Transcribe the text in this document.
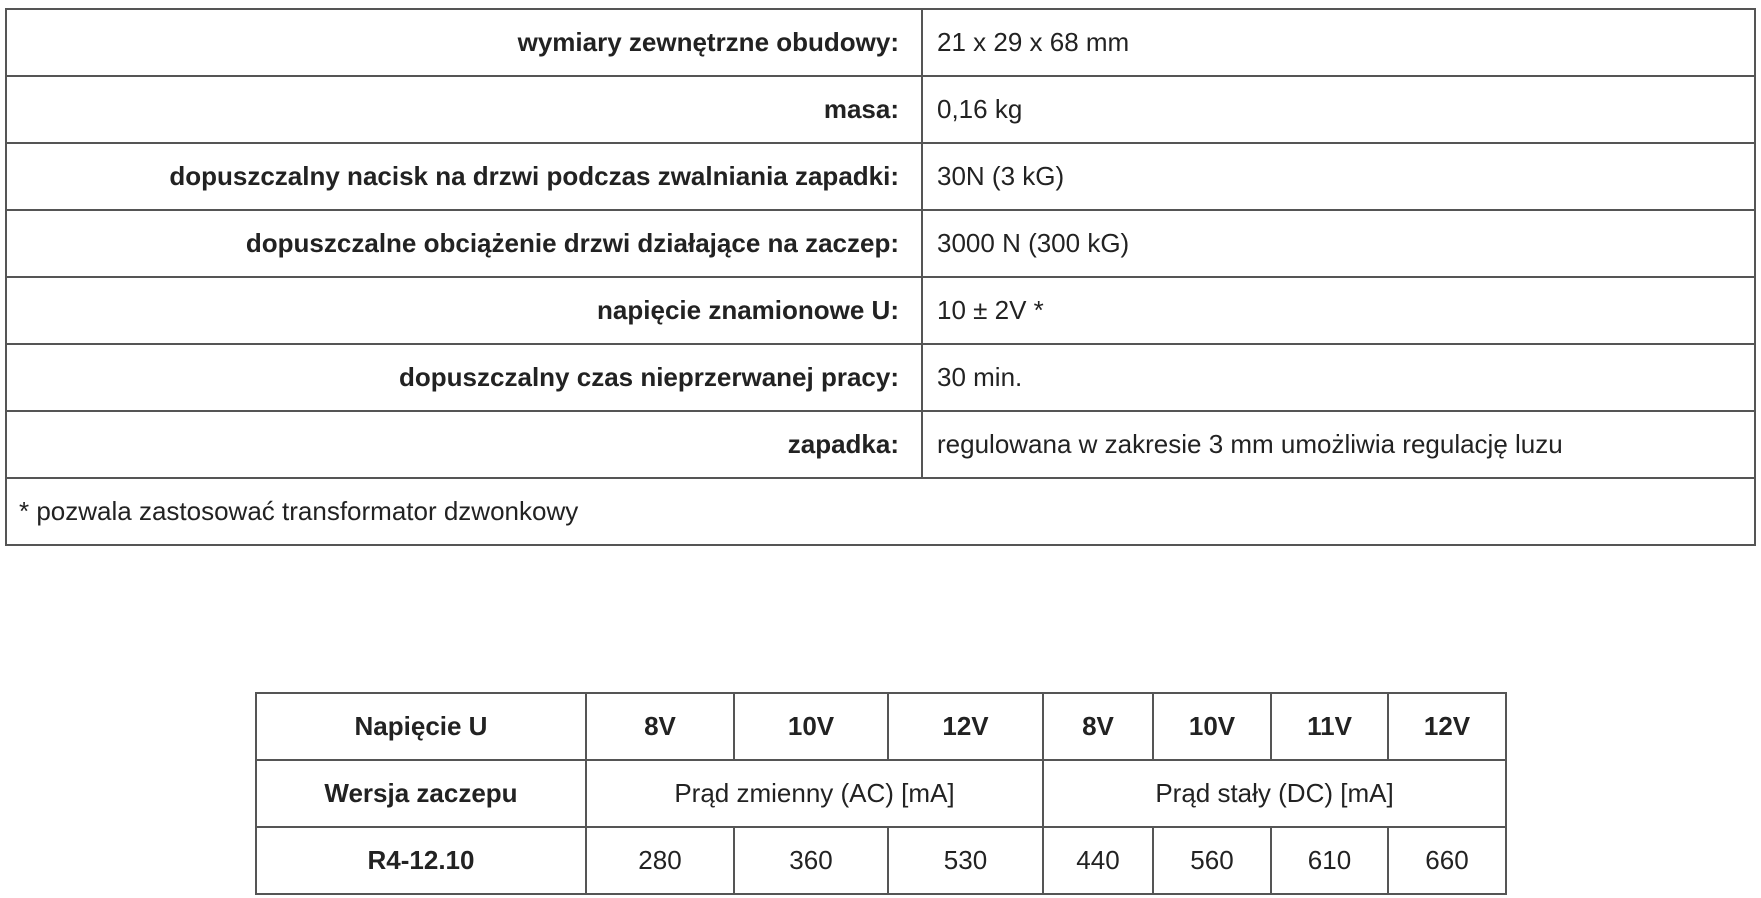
wymiary zewnętrzne obudowy:	21 x 29 x 68 mm
masa:	0,16 kg
dopuszczalny nacisk na drzwi podczas zwalniania zapadki:	30N (3 kG)
dopuszczalne obciążenie drzwi działające na zaczep:	3000 N (300 kG)
napięcie znamionowe U:	10 ± 2V *
dopuszczalny czas nieprzerwanej pracy:	30 min.
zapadka:	regulowana w zakresie 3 mm umożliwia regulację luzu
* pozwala zastosować transformator dzwonkowy	
Napięcie U	8V	10V	12V	8V	10V	11V	12V
Wersja zaczepu	Prąd zmienny (AC) [mA]			Prąd stały (DC) [mA]			
R4-12.10	280	360	530	440	560	610	660
